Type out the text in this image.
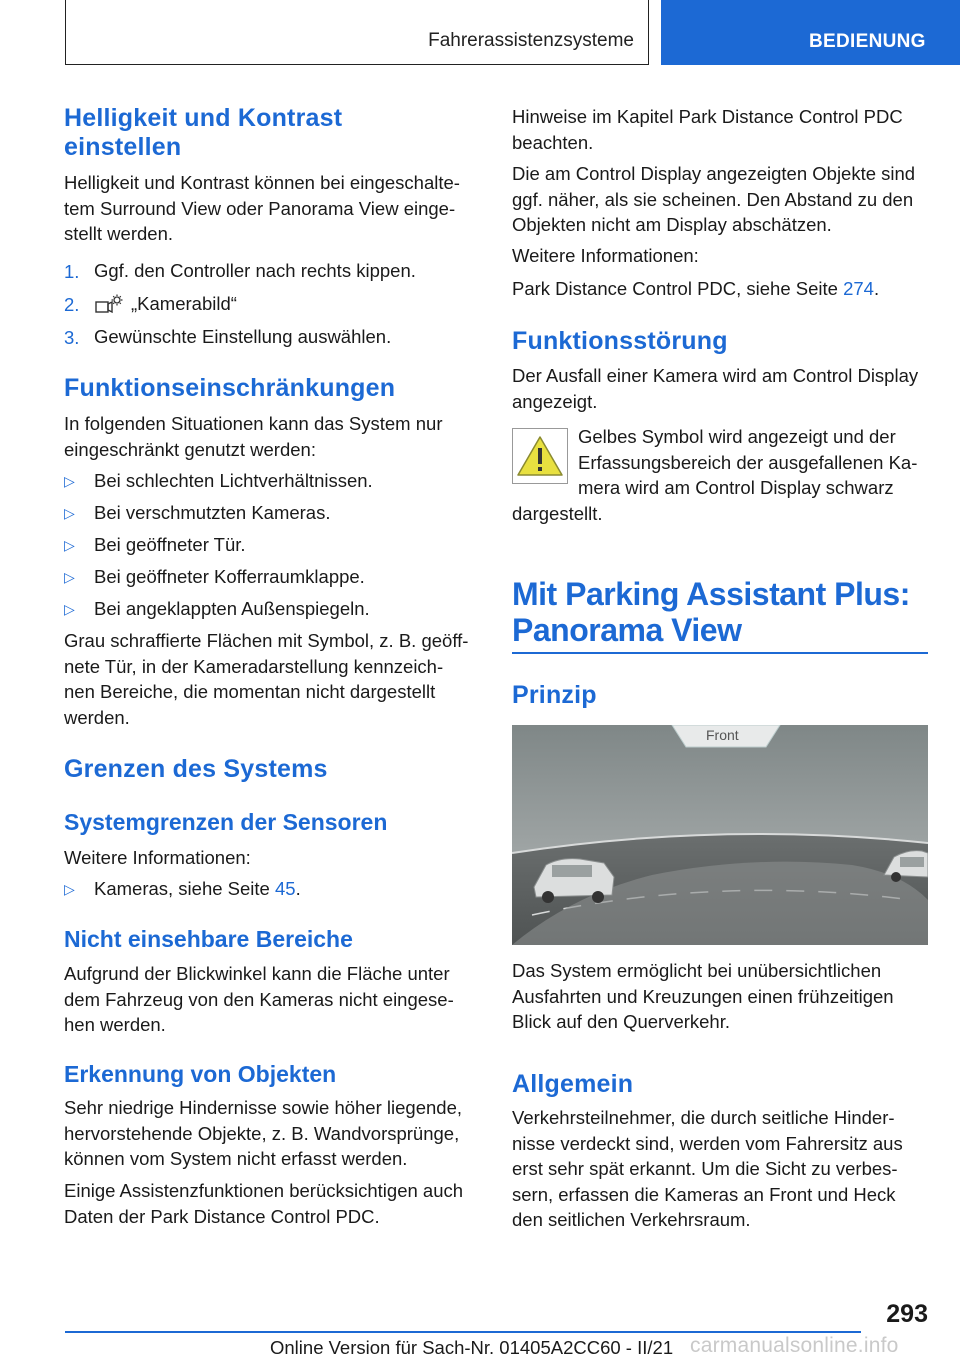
Fahrerassistenzsysteme	BEDIENUNG
Helligkeit und Kontrast
einstellen
Helligkeit und Kontrast können bei eingeschalte-
tem Surround View oder Panorama View einge-
stellt werden.
1. Ggf. den Controller nach rechts kippen.
2.	„Kamerabild“
3. Gewünschte Einstellung auswählen.
Funktionseinschränkungen
In folgenden Situationen kann das System nur
eingeschränkt genutzt werden:
▷ Bei schlechten Lichtverhältnissen.
▷ Bei verschmutzten Kameras.
▷ Bei geöffneter Tür.
▷ Bei geöffneter Kofferraumklappe.
▷ Bei angeklappten Außenspiegeln.
Grau schraffierte Flächen mit Symbol, z. B. geöff-
nete Tür, in der Kameradarstellung kennzeich-
nen Bereiche, die momentan nicht dargestellt
werden.
Grenzen des Systems
Systemgrenzen der Sensoren
Weitere Informationen:
▷ Kameras, siehe Seite 45.
Nicht einsehbare Bereiche
Aufgrund der Blickwinkel kann die Fläche unter
dem Fahrzeug von den Kameras nicht eingese-
hen werden.
Erkennung von Objekten
Sehr niedrige Hindernisse sowie höher liegende,
hervorstehende Objekte, z. B. Wandvorsprünge,
können vom System nicht erfasst werden.
Einige Assistenzfunktionen berücksichtigen auch
Daten der Park Distance Control PDC.
Hinweise im Kapitel Park Distance Control PDC
beachten.
Die am Control Display angezeigten Objekte sind
ggf. näher, als sie scheinen. Den Abstand zu den
Objekten nicht am Display abschätzen.
Weitere Informationen:
Park Distance Control PDC, siehe Seite 274.
Funktionsstörung
Der Ausfall einer Kamera wird am Control Display
angezeigt.
Gelbes Symbol wird angezeigt und der
Erfassungsbereich der ausgefallenen Ka-
mera wird am Control Display schwarz
dargestellt.
Mit Parking Assistant Plus:
Panorama View
Prinzip
Front
Das System ermöglicht bei unübersichtlichen
Ausfahrten und Kreuzungen einen frühzeitigen
Blick auf den Querverkehr.
Allgemein
Verkehrsteilnehmer, die durch seitliche Hinder-
nisse verdeckt sind, werden vom Fahrersitz aus
erst sehr spät erkannt. Um die Sicht zu verbes-
sern, erfassen die Kameras an Front und Heck
den seitlichen Verkehrsraum.
293
Online Version für Sach-Nr. 01405A2CC60 - II/21 carmanualsonline.info
